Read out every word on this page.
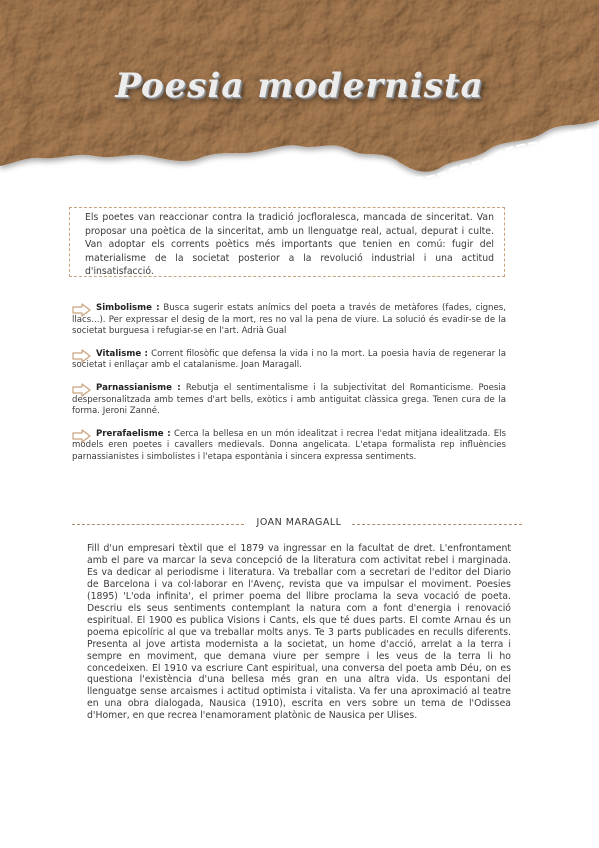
Poesia modernista
Els poetes van reaccionar contra la tradició jocfloralesca, mancada de sinceritat. Van proposar una poètica de la sinceritat, amb un llenguatge real, actual, depurat i culte. Van adoptar els corrents poètics més importants que tenien en comú: fugir del materialisme de la societat posterior a la revolució industrial i una actitud d'insatisfacció.
Simbolisme : Busca sugerir estats anímics del poeta a través de metàfores (fades, cignes, llacs...). Per expressar el desig de la mort, res no val la pena de viure. La solució és evadir-se de la societat burguesa i refugiar-se en l'art. Adrià Gual
Vitalisme : Corrent filosòfic que defensa la vida i no la mort. La poesia havia de regenerar la societat i enllaçar amb el catalanisme. Joan Maragall.
Parnassianisme : Rebutja el sentimentalisme i la subjectivitat del Romanticisme. Poesia despersonalitzada amb temes d'art bells, exòtics i amb antiguitat clàssica grega. Tenen cura de la forma. Jeroni Zanné.
Prerafaelisme : Cerca la bellesa en un món idealitzat i recrea l'edat mitjana idealitzada. Els models eren poetes i cavallers medievals. Donna angelicata. L'etapa formalista rep influències parnassianistes i simbolistes i l'etapa espontània i sincera expressa sentiments.
JOAN MARAGALL
Fill d'un empresari tèxtil que el 1879 va ingressar en la facultat de dret. L'enfrontament amb el pare va marcar la seva concepció de la literatura com activitat rebel i marginada. Es va dedicar al periodisme i literatura. Va treballar com a secretari de l'editor del Diario de Barcelona i va col·laborar en l'Avenç, revista que va impulsar el moviment. Poesies (1895) 'L'oda infinita', el primer poema del llibre proclama la seva vocació de poeta. Descriu els seus sentiments contemplant la natura com a font d'energia i renovació espiritual. El 1900 es publica Visions i Cants, els que té dues parts. El comte Arnau és un poema epicolíric al que va treballar molts anys. Te 3 parts publicades en reculls diferents. Presenta al jove artista modernista a la societat, un home d'acció, arrelat a la terra i sempre en moviment, que demana viure per sempre i les veus de la terra li ho concedeixen. El 1910 va escriure Cant espiritual, una conversa del poeta amb Déu, on es questiona l'existència d'una bellesa més gran en una altra vida. Us espontani del llenguatge sense arcaismes i actitud optimista i vitalista. Va fer una aproximació al teatre en una obra dialogada, Nausica (1910), escrita en vers sobre un tema de l'Odissea d'Homer, en que recrea l'enamorament platònic de Nausica per Ulises.
